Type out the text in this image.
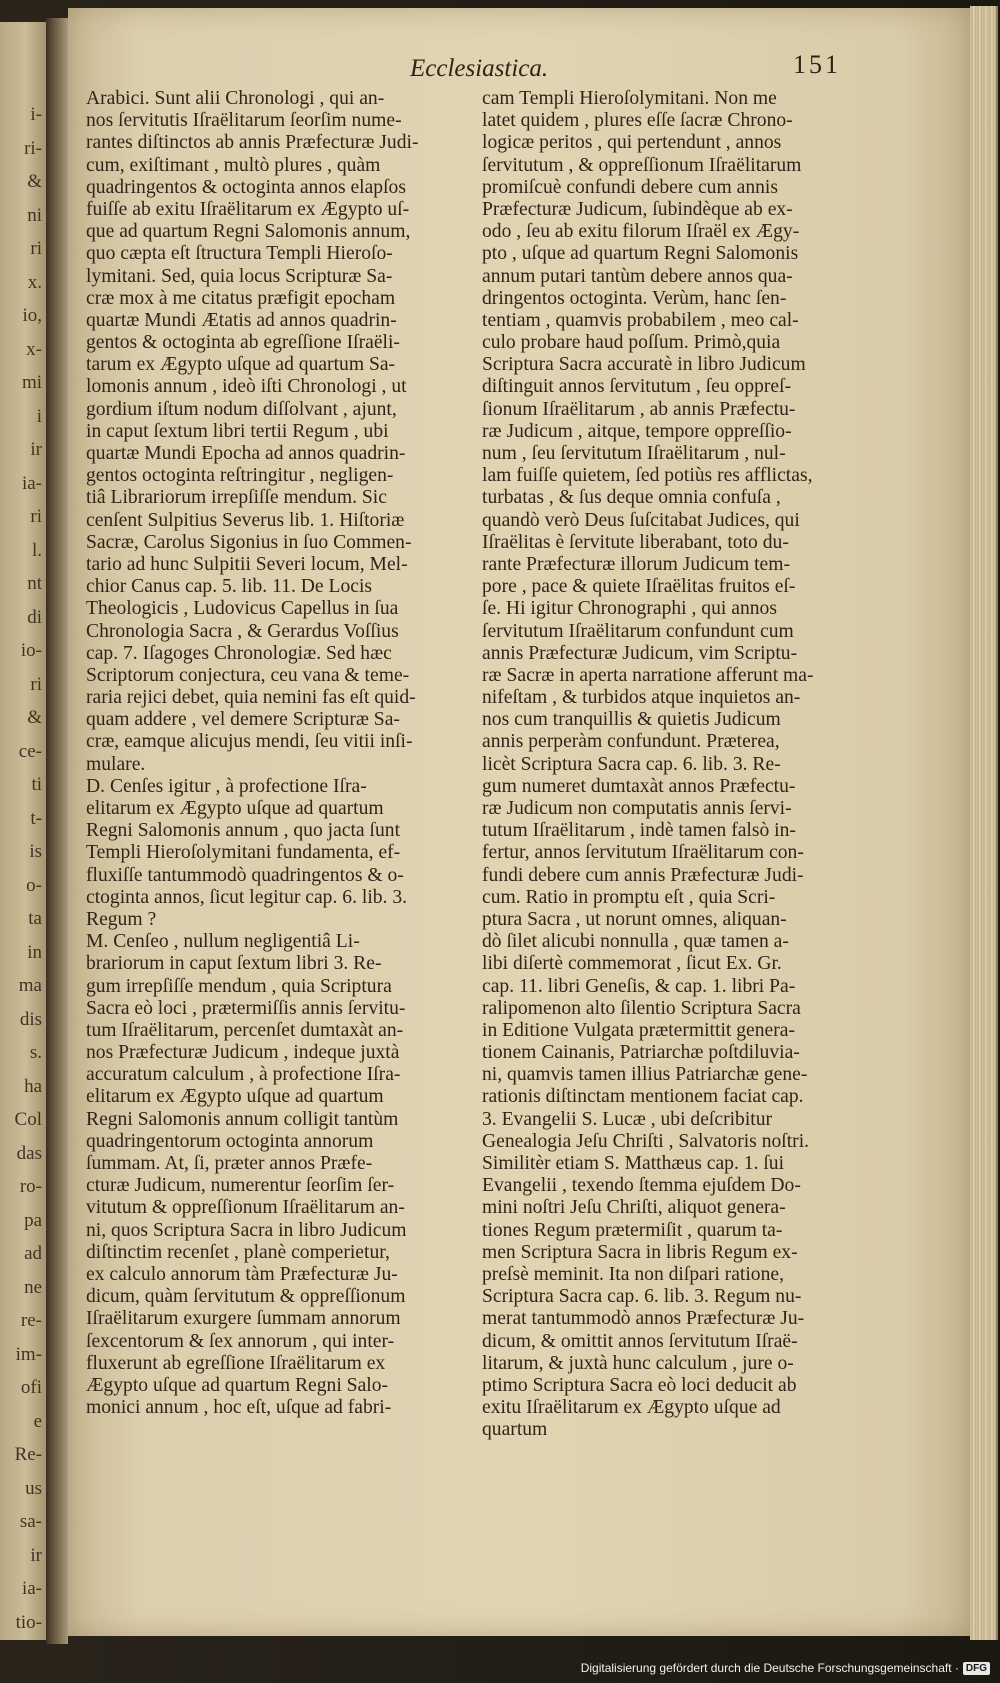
i-
ri-
&
ni
ri
x.
io,
x-
mi
i
ir
ia-
ri
l.
nt
di
io-
ri
&
ce-
ti
t-
is
o-
ta
in
ma
dis
s.
ha
Col
das
ro-
pa
ad
ne
re-
im-
ofi
e
Re-
us
sa-
ir
ia-
tio-
Ecclesiastica.	151
Arabici. Sunt alii Chronologi , qui an-
nos ſervitutis Iſraëlitarum ſeorſim nume-
rantes diſtinctos ab annis Præfecturæ Judi-
cum, exiſtimant , multò plures , quàm
quadringentos & octoginta annos elapſos
fuiſſe ab exitu Iſraëlitarum ex Ægypto uſ-
que ad quartum Regni Salomonis annum,
quo cæpta eſt ſtructura Templi Hieroſo-
lymitani. Sed, quia locus Scripturæ Sa-
cræ mox à me citatus præfigit epocham
quartæ Mundi Ætatis ad annos quadrin-
gentos & octoginta ab egreſſione Iſraëli-
tarum ex Ægypto uſque ad quartum Sa-
lomonis annum , ideò iſti Chronologi , ut
gordium iſtum nodum diſſolvant , ajunt,
in caput ſextum libri tertii Regum , ubi
quartæ Mundi Epocha ad annos quadrin-
gentos octoginta reſtringitur , negligen-
tiâ Librariorum irrepſiſſe mendum. Sic
cenſent Sulpitius Severus lib. 1. Hiſtoriæ
Sacræ, Carolus Sigonius in ſuo Commen-
tario ad hunc Sulpitii Severi locum, Mel-
chior Canus cap. 5. lib. 11. De Locis
Theologicis , Ludovicus Capellus in ſua
Chronologia Sacra , & Gerardus Voſſius
cap. 7. Iſagoges Chronologiæ. Sed hæc
Scriptorum conjectura, ceu vana & teme-
raria rejici debet, quia nemini fas eſt quid-
quam addere , vel demere Scripturæ Sa-
cræ, eamque alicujus mendi, ſeu vitii inſi-
mulare.
D. Cenſes igitur , à profectione Iſra-
elitarum ex Ægypto uſque ad quartum
Regni Salomonis annum , quo jacta ſunt
Templi Hieroſolymitani fundamenta, ef-
fluxiſſe tantummodò quadringentos & o-
ctoginta annos, ſicut legitur cap. 6. lib. 3.
Regum ?
M. Cenſeo , nullum negligentiâ Li-
brariorum in caput ſextum libri 3. Re-
gum irrepſiſſe mendum , quia Scriptura
Sacra eò loci , prætermiſſis annis ſervitu-
tum Iſraëlitarum, percenſet dumtaxàt an-
nos Præfecturæ Judicum , indeque juxtà
accuratum calculum , à profectione Iſra-
elitarum ex Ægypto uſque ad quartum
Regni Salomonis annum colligit tantùm
quadringentorum octoginta annorum
ſummam. At, ſi, præter annos Præfe-
cturæ Judicum, numerentur ſeorſim ſer-
vitutum & oppreſſionum Iſraëlitarum an-
ni, quos Scriptura Sacra in libro Judicum
diſtinctim recenſet , planè comperietur,
ex calculo annorum tàm Præfecturæ Ju-
dicum, quàm ſervitutum & oppreſſionum
Iſraëlitarum exurgere ſummam annorum
ſexcentorum & ſex annorum , qui inter-
fluxerunt ab egreſſione Iſraëlitarum ex
Ægypto uſque ad quartum Regni Salo-
monici annum , hoc eſt, uſque ad fabri-
cam Templi Hieroſolymitani. Non me
latet quidem , plures eſſe ſacræ Chrono-
logicæ peritos , qui pertendunt , annos
ſervitutum , & oppreſſionum Iſraëlitarum
promiſcuè confundi debere cum annis
Præfecturæ Judicum, ſubindèque ab ex-
odo , ſeu ab exitu filorum Iſraël ex Ægy-
pto , uſque ad quartum Regni Salomonis
annum putari tantùm debere annos qua-
dringentos octoginta. Verùm, hanc ſen-
tentiam , quamvis probabilem , meo cal-
culo probare haud poſſum. Primò,quia
Scriptura Sacra accuratè in libro Judicum
diſtinguit annos ſervitutum , ſeu oppreſ-
ſionum Iſraëlitarum , ab annis Præfectu-
ræ Judicum , aitque, tempore oppreſſio-
num , ſeu ſervitutum Iſraëlitarum , nul-
lam fuiſſe quietem, ſed potiùs res afflictas,
turbatas , & ſus deque omnia confuſa ,
quandò verò Deus ſuſcitabat Judices, qui
Iſraëlitas è ſervitute liberabant, toto du-
rante Præfecturæ illorum Judicum tem-
pore , pace & quiete Iſraëlitas fruitos eſ-
ſe. Hi igitur Chronographi , qui annos
ſervitutum Iſraëlitarum confundunt cum
annis Præfecturæ Judicum, vim Scriptu-
ræ Sacræ in aperta narratione afferunt ma-
nifeſtam , & turbidos atque inquietos an-
nos cum tranquillis & quietis Judicum
annis perperàm confundunt. Præterea,
licèt Scriptura Sacra cap. 6. lib. 3. Re-
gum numeret dumtaxàt annos Præfectu-
ræ Judicum non computatis annis ſervi-
tutum Iſraëlitarum , indè tamen falsò in-
fertur, annos ſervitutum Iſraëlitarum con-
fundi debere cum annis Præfecturæ Judi-
cum. Ratio in promptu eſt , quia Scri-
ptura Sacra , ut norunt omnes, aliquan-
dò ſilet alicubi nonnulla , quæ tamen a-
libi diſertè commemorat , ſicut Ex. Gr.
cap. 11. libri Geneſis, & cap. 1. libri Pa-
ralipomenon alto ſilentio Scriptura Sacra
in Editione Vulgata prætermittit genera-
tionem Cainanis, Patriarchæ poſtdiluvia-
ni, quamvis tamen illius Patriarchæ gene-
rationis diſtinctam mentionem faciat cap.
3. Evangelii S. Lucæ , ubi deſcribitur
Genealogia Jeſu Chriſti , Salvatoris noſtri.
Similitèr etiam S. Matthæus cap. 1. ſui
Evangelii , texendo ſtemma ejuſdem Do-
mini noſtri Jeſu Chriſti, aliquot genera-
tiones Regum prætermiſit , quarum ta-
men Scriptura Sacra in libris Regum ex-
preſsè meminit. Ita non diſpari ratione,
Scriptura Sacra cap. 6. lib. 3. Regum nu-
merat tantummodò annos Præfecturæ Ju-
dicum, & omittit annos ſervitutum Iſraë-
litarum, & juxtà hunc calculum , jure o-
ptimo Scriptura Sacra eò loci deducit ab
exitu Iſraëlitarum ex Ægypto uſque ad
quartum
Digitalisierung gefördert durch die Deutsche Forschungsgemeinschaft · DFG
